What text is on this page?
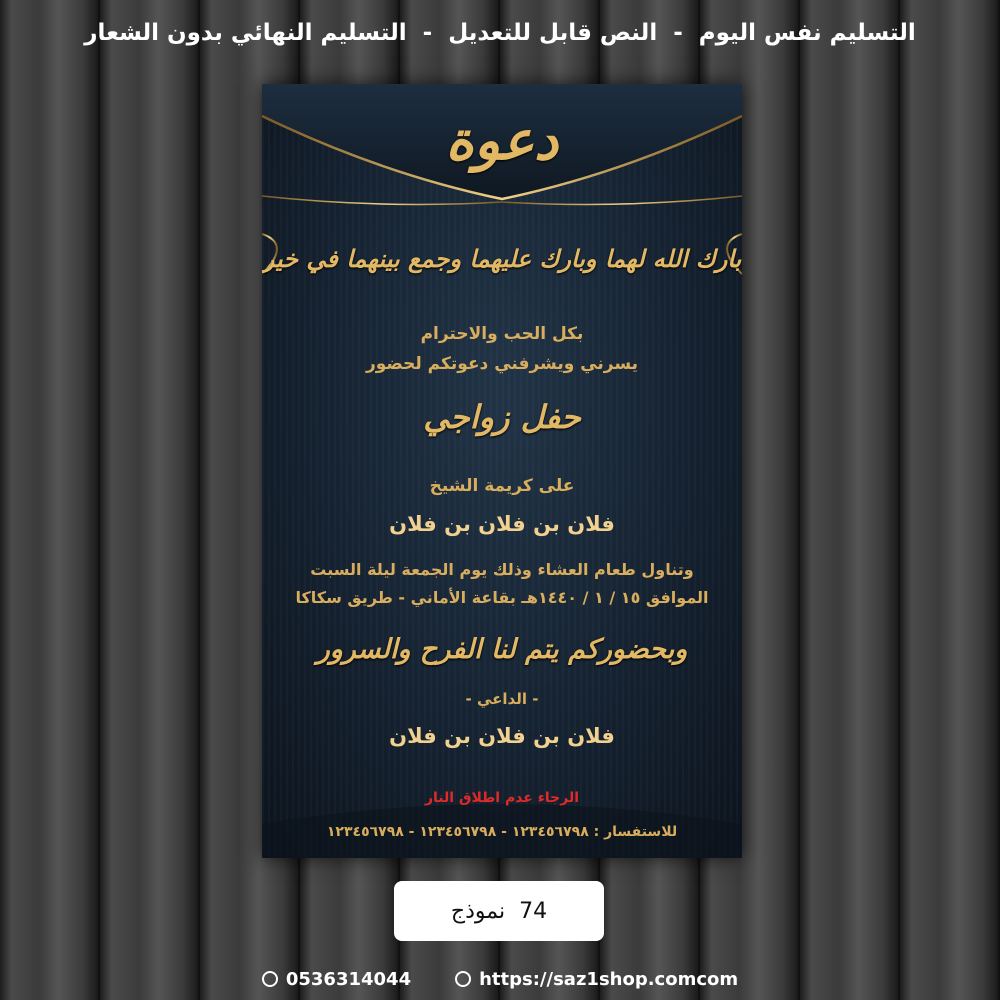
التسليم نفس اليوم  -  النص قابل للتعديل  -  التسليم النهائي بدون الشعار
دعوة
بارك الله لهما وبارك عليهما وجمع بينهما في خير
بكل الحب والاحترام
يسرني ويشرفني دعوتكم لحضور
حفل زواجي
على كريمة الشيخ
فلان بن فلان بن فلان
وتناول طعام العشاء وذلك يوم الجمعة ليلة السبت
الموافق ١٥ / ١ / ١٤٤٠هـ بقاعة الأماني - طريق سكاكا
وبحضوركم يتم لنا الفرح والسرور
- الداعي -
فلان بن فلان بن فلان
الرجاء عدم اطلاق النار
للاستفسار : ١٢٣٤٥٦٧٩٨ - ١٢٣٤٥٦٧٩٨ - ١٢٣٤٥٦٧٩٨
نموذج 74
0536314044	https://saz1shop.comcom
